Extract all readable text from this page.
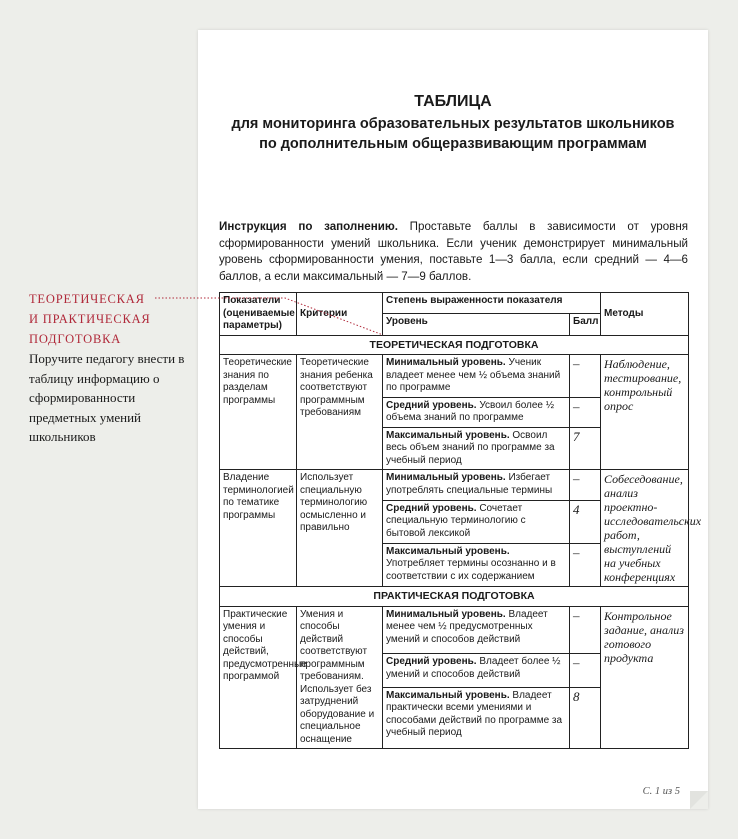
ТАБЛИЦА
для мониторинга образовательных результатов школьников
по дополнительным общеразвивающим программам
Инструкция по заполнению. Проставьте баллы в зависимости от уровня сформированности умений школьника. Если ученик демонстрирует минимальный уровень сформированности умения, поставьте 1—3 балла, если средний — 4—6 баллов, а если максимальный — 7—9 баллов.
Показатели (оцениваемые параметры)	Критерии	Степень выраженности показателя		Методы
		Уровень	Балл	
ТЕОРЕТИЧЕСКАЯ ПОДГОТОВКА				
Теоретические знания по разделам программы	Теоретические знания ребенка соответствуют программным требованиям	Минимальный уровень. Ученик владеет менее чем ½ объема знаний по программе	–	Наблюдение, тестирование, контрольный опрос
		Средний уровень. Усвоил более ½ объема знаний по программе	–	
		Максимальный уровень. Освоил весь объем знаний по программе за учебный период	7	
Владение терминологией по тематике программы	Использует специальную терминологию осмысленно и правильно	Минимальный уровень. Избегает употреблять специальные термины	–	Собеседование, анализ проектно-исследовательских работ, выступлений на учебных конференциях
		Средний уровень. Сочетает специальную терминологию с бытовой лексикой	4	
		Максимальный уровень. Употребляет термины осознанно и в соответствии с их содержанием	–	
ПРАКТИЧЕСКАЯ ПОДГОТОВКА				
Практические умения и способы действий, предусмотренные программой	Умения и способы действий соответствуют программным требованиям. Использует без затруднений оборудование и специальное оснащение	Минимальный уровень. Владеет менее чем ½ предусмотренных умений и способов действий	–	Контрольное задание, анализ готового продукта
		Средний уровень. Владеет более ½ умений и способов действий	–	
		Максимальный уровень. Владеет практически всеми умениями и способами действий по программе за учебный период	8	
С. 1 из 5
ТЕОРЕТИЧЕСКАЯ
И ПРАКТИЧЕСКАЯ
ПОДГОТОВКА
Поручите педагогу внести в таблицу информацию о сформированности предметных умений школьников
